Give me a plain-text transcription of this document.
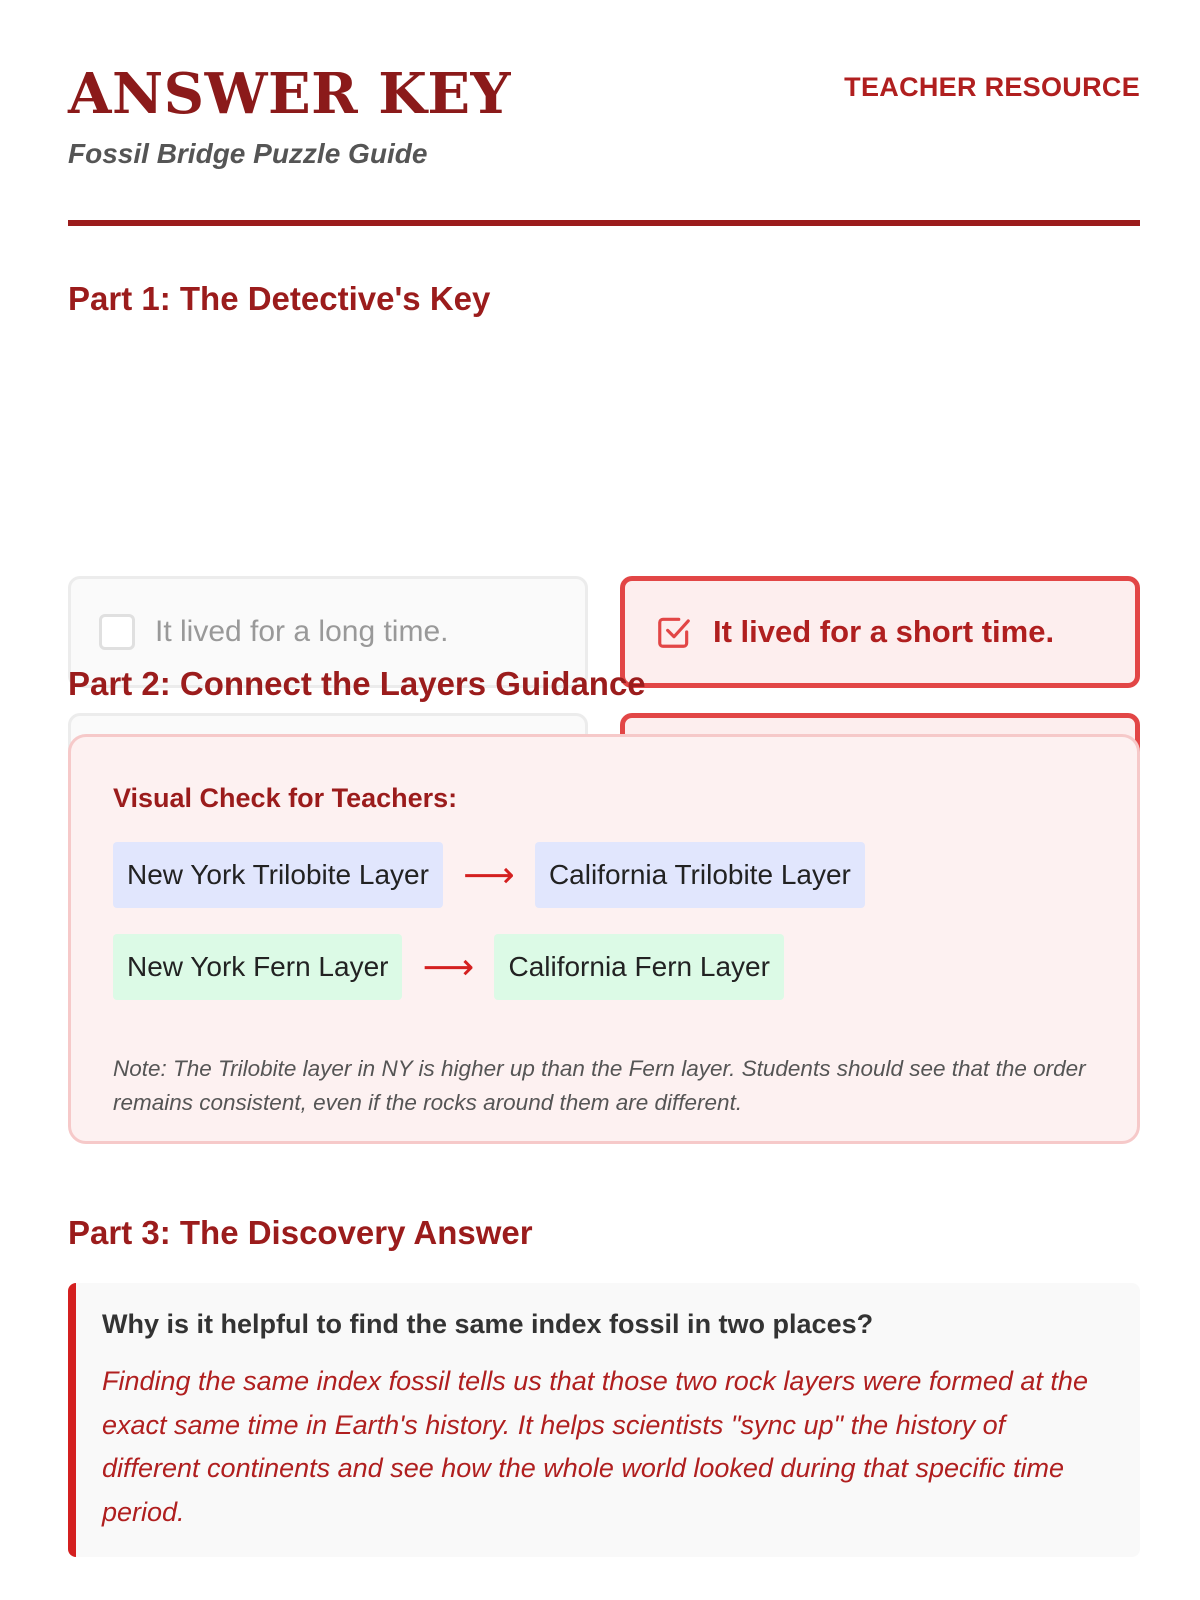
ANSWER KEY

Fossil Bridge Puzzle Guide

TEACHER RESOURCE
Part 1: The Detective's Key
It lived for a long time.	It lived for a short time.
Part 2: Connect the Layers Guidance
Visual Check for Teachers:
New York Trilobite Layer ⟶	California Trilobite Layer
New York Fern Layer ⟶	California Fern Layer

Note: The Trilobite layer in NY is higher up than the Fern layer. Students should see that the order remains consistent, even if the rocks around them are different.

Part 3: The Discovery Answer

Why is it helpful to find the same index fossil in two places?

Finding the same index fossil tells us that those two rock layers were formed at the exact same time in Earth's history. It helps scientists "sync up" the history of different continents and see how the whole world looked during that specific time period.
